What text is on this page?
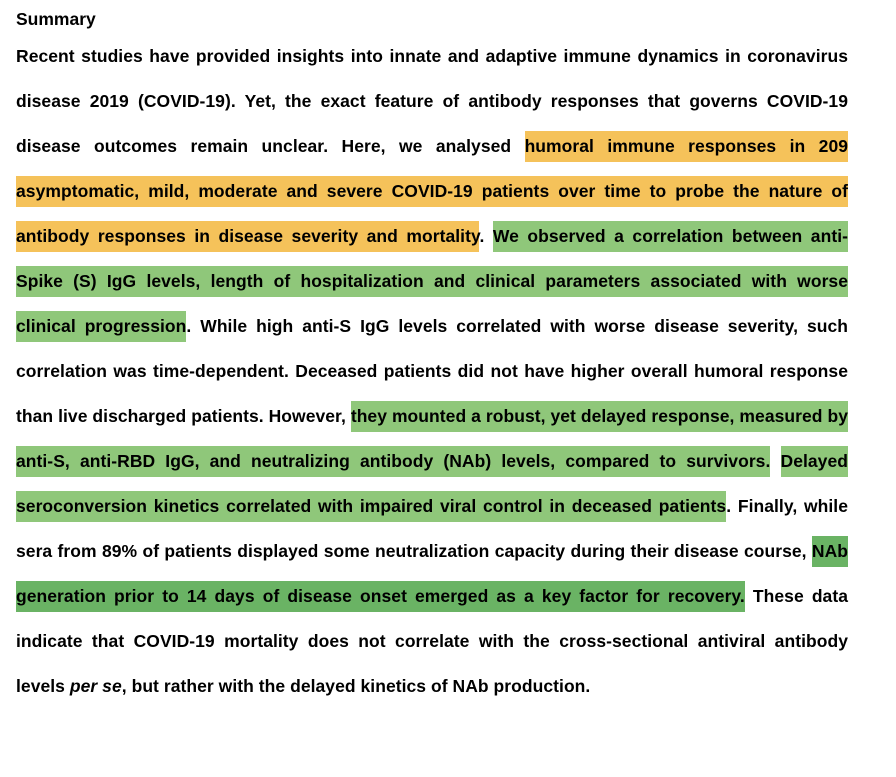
Summary

Recent studies have provided insights into innate and adaptive immune dynamics in coronavirus disease 2019 (COVID-19). Yet, the exact feature of antibody responses that governs COVID-19 disease outcomes remain unclear. Here, we analysed humoral immune responses in 209 asymptomatic, mild, moderate and severe COVID-19 patients over time to probe the nature of antibody responses in disease severity and mortality. We observed a correlation between anti-Spike (S) IgG levels, length of hospitalization and clinical parameters associated with worse clinical progression. While high anti-S IgG levels correlated with worse disease severity, such correlation was time-dependent. Deceased patients did not have higher overall humoral response than live discharged patients. However, they mounted a robust, yet delayed response, measured by anti-S, anti-RBD IgG, and neutralizing antibody (NAb) levels, compared to survivors. Delayed seroconversion kinetics correlated with impaired viral control in deceased patients. Finally, while sera from 89% of patients displayed some neutralization capacity during their disease course, NAb generation prior to 14 days of disease onset emerged as a key factor for recovery. These data indicate that COVID-19 mortality does not correlate with the cross-sectional antiviral antibody levels per se, but rather with the delayed kinetics of NAb production.
